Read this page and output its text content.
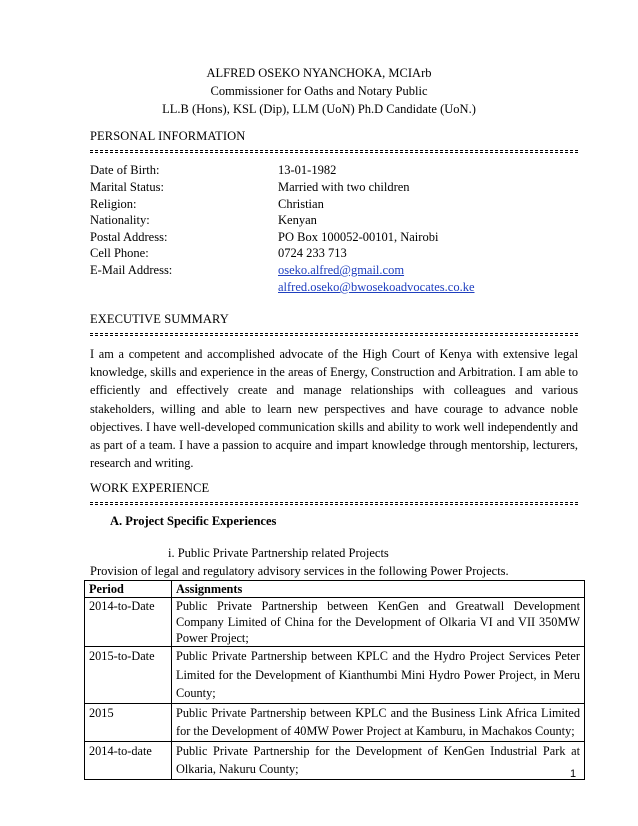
ALFRED OSEKO NYANCHOKA, MCIArb
Commissioner for Oaths and Notary Public
LL.B (Hons), KSL (Dip), LLM (UoN) Ph.D Candidate (UoN.)
PERSONAL INFORMATION
Date of Birth:	13-01-1982
Marital Status:	Married with two children
Religion:	Christian
Nationality:	Kenyan
Postal Address:	PO Box 100052-00101, Nairobi
Cell Phone:	0724 233 713
E-Mail Address:	oseko.alfred@gmail.com
alfred.oseko@bwosekoadvocates.co.ke
EXECUTIVE SUMMARY
I am a competent and accomplished advocate of the High Court of Kenya with extensive legal knowledge, skills and experience in the areas of Energy, Construction and Arbitration. I am able to efficiently and effectively create and manage relationships with colleagues and various stakeholders, willing and able to learn new perspectives and have courage to advance noble objectives. I have well-developed communication skills and ability to work well independently and as part of a team. I have a passion to acquire and impart knowledge through mentorship, lecturers, research and writing.
WORK EXPERIENCE
A. Project Specific Experiences
i. Public Private Partnership related Projects
Provision of legal and regulatory advisory services in the following Power Projects.
Period	Assignments
2014-to-Date	Public Private Partnership between KenGen and Greatwall Development Company Limited of China for the Development of Olkaria VI and VII 350MW Power Project;
2015-to-Date	Public Private Partnership between KPLC and the Hydro Project Services Peter Limited for the Development of Kianthumbi Mini Hydro Power Project, in Meru County;
2015	Public Private Partnership between KPLC and the Business Link Africa Limited for the Development of 40MW Power Project at Kamburu, in Machakos County;
2014-to-date	Public Private Partnership for the Development of KenGen Industrial Park at Olkaria, Nakuru County;	1
